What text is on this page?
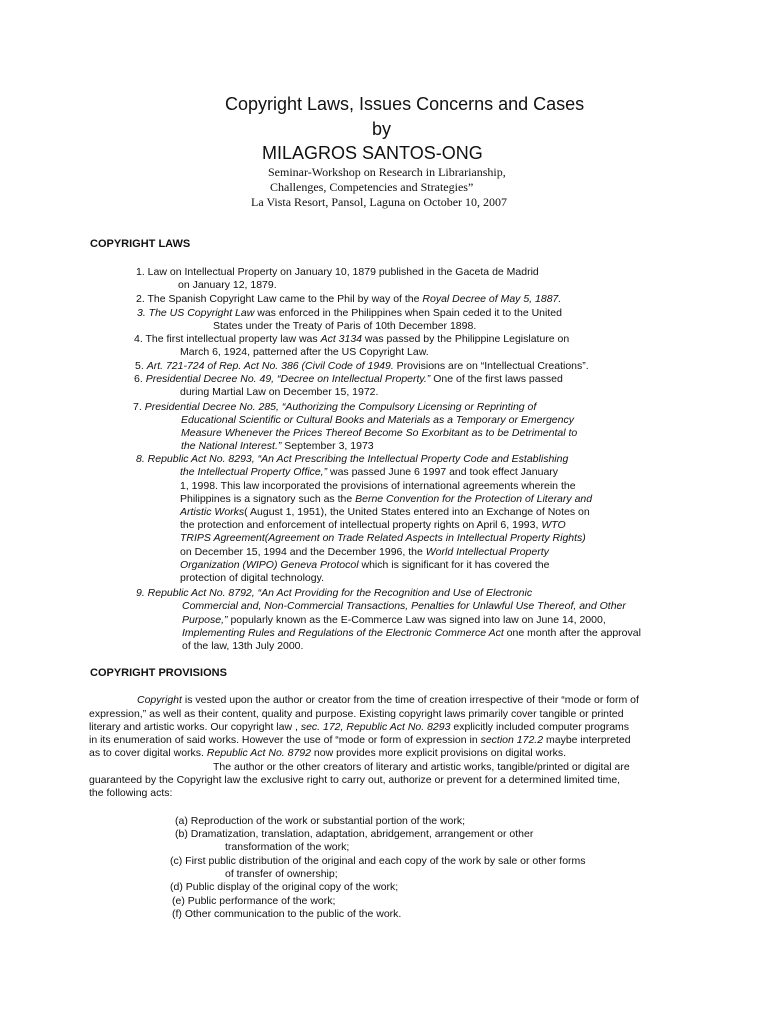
Copyright Laws, Issues Concerns and Cases
by
MILAGROS SANTOS-ONG
Seminar-Workshop on Research in Librarianship,
Challenges, Competencies and Strategies”
La Vista Resort, Pansol, Laguna on October 10, 2007
COPYRIGHT LAWS
1. Law on Intellectual Property on January 10, 1879 published in the Gaceta de Madrid
on January 12, 1879.
2. The Spanish Copyright Law came to the Phil by way of the Royal Decree of May 5, 1887.
3. The US Copyright Law was enforced in the Philippines when Spain ceded it to the United
States under the Treaty of Paris of 10th December 1898.
4. The first intellectual property law was Act 3134 was passed by the Philippine Legislature on
March 6, 1924, patterned after the US Copyright Law.
5. Art. 721-724 of Rep. Act No. 386 (Civil Code of 1949. Provisions are on “Intellectual Creations”.
6. Presidential Decree No. 49, “Decree on Intellectual Property.” One of the first laws passed
during Martial Law on December 15, 1972.
7. Presidential Decree No. 285, “Authorizing the Compulsory Licensing or Reprinting of
Educational Scientific or Cultural Books and Materials as a Temporary or Emergency
Measure Whenever the Prices Thereof Become So Exorbitant as to be Detrimental to
the National Interest.” September 3, 1973
8. Republic Act No. 8293, “An Act Prescribing the Intellectual Property Code and Establishing
the Intellectual Property Office,” was passed June 6 1997 and took effect January
1, 1998. This law incorporated the provisions of international agreements wherein the
Philippines is a signatory such as the Berne Convention for the Protection of Literary and
Artistic Works( August 1, 1951), the United States entered into an Exchange of Notes on
the protection and enforcement of intellectual property rights on April 6, 1993, WTO
TRIPS Agreement(Agreement on Trade Related Aspects in Intellectual Property Rights)
on December 15, 1994 and the December 1996, the World Intellectual Property
Organization (WIPO) Geneva Protocol which is significant for it has covered the
protection of digital technology.
9. Republic Act No. 8792, “An Act Providing for the Recognition and Use of Electronic
Commercial and, Non-Commercial Transactions, Penalties for Unlawful Use Thereof, and Other
Purpose,” popularly known as the E-Commerce Law was signed into law on June 14, 2000,
Implementing Rules and Regulations of the Electronic Commerce Act one month after the approval
of the law, 13th July 2000.
COPYRIGHT PROVISIONS
Copyright is vested upon the author or creator from the time of creation irrespective of their “mode or form of
expression,” as well as their content, quality and purpose. Existing copyright laws primarily cover tangible or printed
literary and artistic works. Our copyright law , sec. 172, Republic Act No. 8293 explicitly included computer programs
in its enumeration of said works. However the use of “mode or form of expression in section 172.2 maybe interpreted
as to cover digital works. Republic Act No. 8792 now provides more explicit provisions on digital works.
The author or the other creators of literary and artistic works, tangible/printed or digital are
guaranteed by the Copyright law the exclusive right to carry out, authorize or prevent for a determined limited time,
the following acts:
(a) Reproduction of the work or substantial portion of the work;
(b) Dramatization, translation, adaptation, abridgement, arrangement or other
transformation of the work;
(c) First public distribution of the original and each copy of the work by sale or other forms
of transfer of ownership;
(d) Public display of the original copy of the work;
(e) Public performance of the work;
(f) Other communication to the public of the work.
